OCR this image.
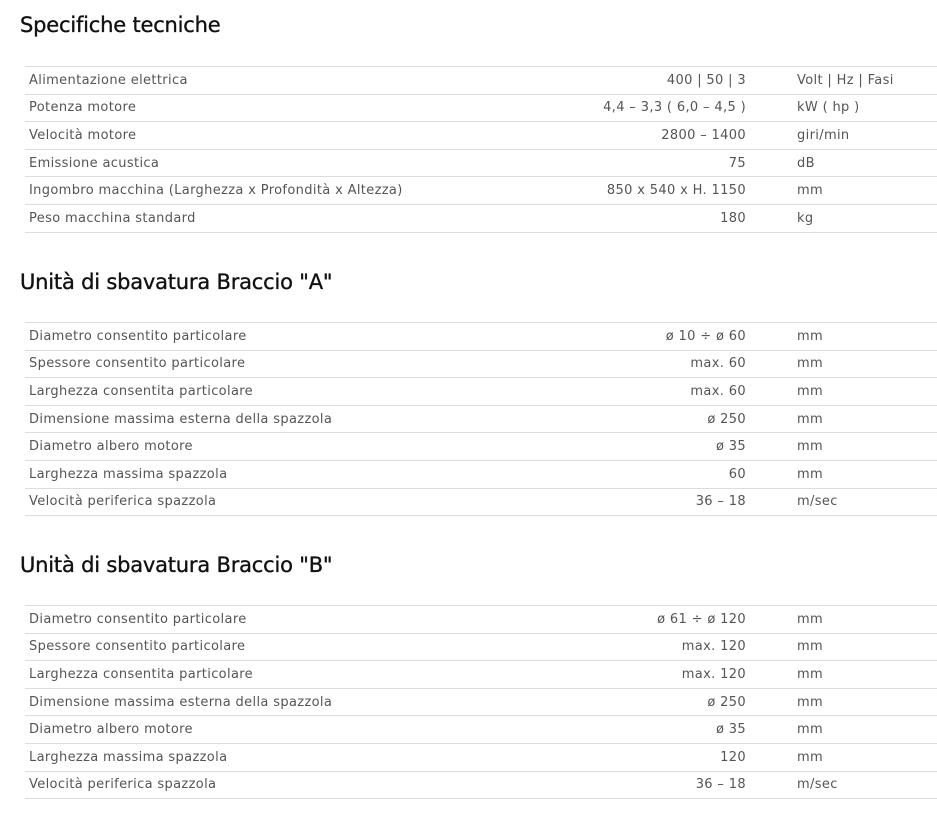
Specifiche tecniche
Alimentazione elettrica	400 | 50 | 3		Volt | Hz | Fasi
Potenza motore	4,4 – 3,3 ( 6,0 – 4,5 )		kW ( hp )
Velocità motore	2800 – 1400		giri/min
Emissione acustica	75		dB
Ingombro macchina (Larghezza x Profondità x Altezza)	850 x 540 x H. 1150		mm
Peso macchina standard	180		kg
Unità di sbavatura Braccio "A"
Diametro consentito particolare	ø 10 ÷ ø 60		mm
Spessore consentito particolare	max. 60		mm
Larghezza consentita particolare	max. 60		mm
Dimensione massima esterna della spazzola	ø 250		mm
Diametro albero motore	ø 35		mm
Larghezza massima spazzola	60		mm
Velocità periferica spazzola	36 – 18		m/sec
Unità di sbavatura Braccio "B"
Diametro consentito particolare	ø 61 ÷ ø 120		mm
Spessore consentito particolare	max. 120		mm
Larghezza consentita particolare	max. 120		mm
Dimensione massima esterna della spazzola	ø 250		mm
Diametro albero motore	ø 35		mm
Larghezza massima spazzola	120		mm
Velocità periferica spazzola	36 – 18		m/sec
